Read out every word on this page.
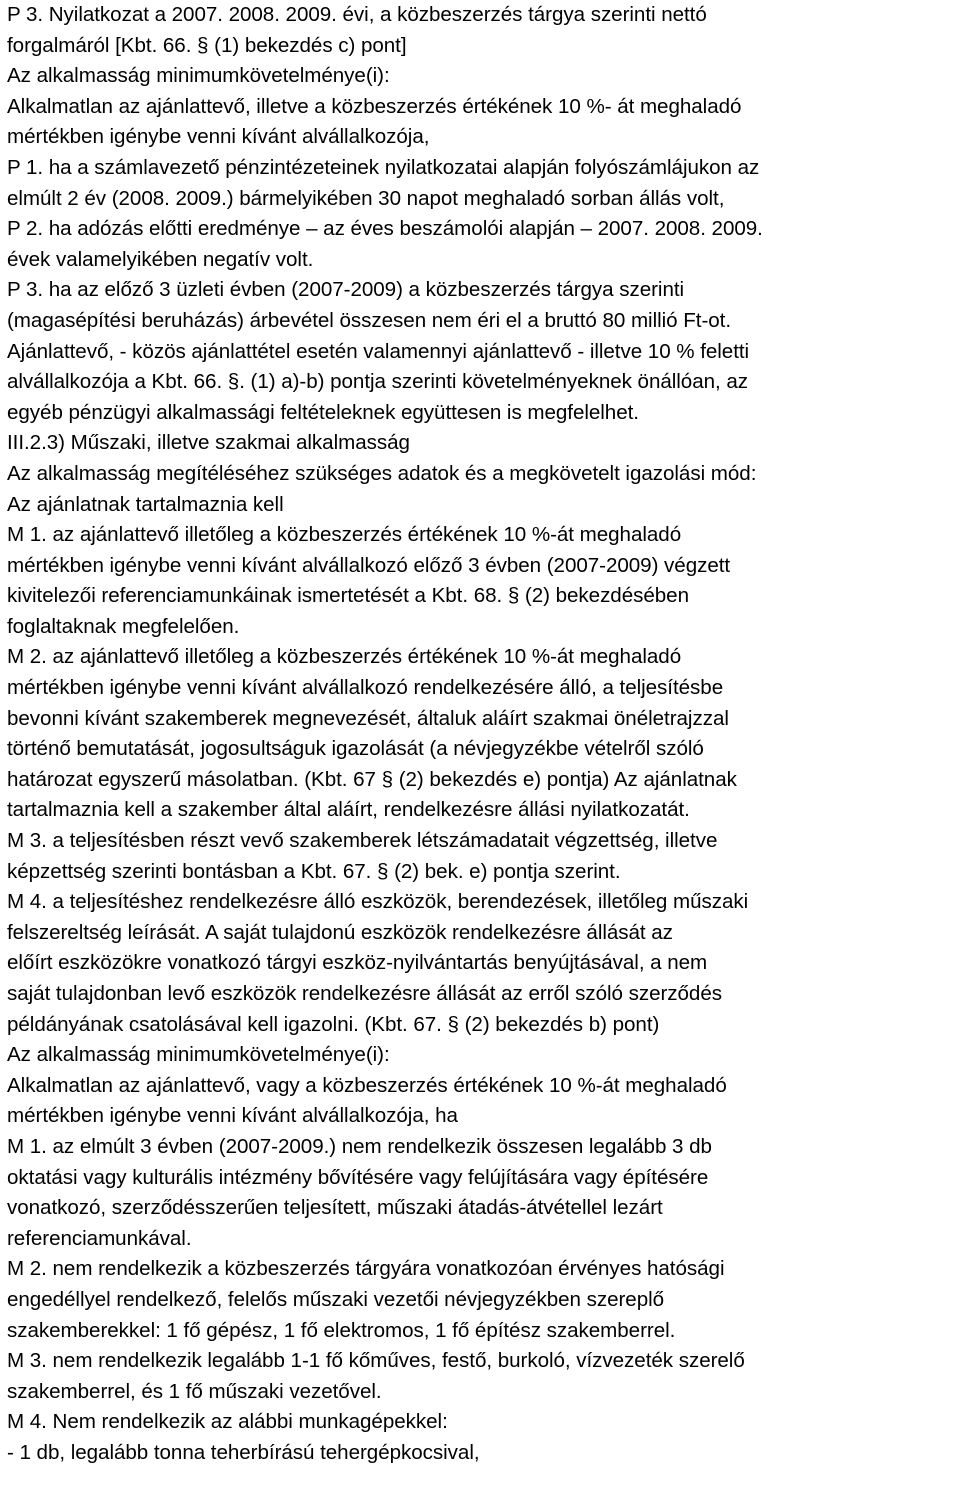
P 3. Nyilatkozat a 2007. 2008. 2009. évi, a közbeszerzés tárgya szerinti nettó
forgalmáról [Kbt. 66. § (1) bekezdés c) pont]
Az alkalmasság minimumkövetelménye(i):
Alkalmatlan az ajánlattevő, illetve a közbeszerzés értékének 10 %- át meghaladó
mértékben igénybe venni kívánt alvállalkozója,
P 1. ha a számlavezető pénzintézeteinek nyilatkozatai alapján folyószámlájukon az
elmúlt 2 év (2008. 2009.) bármelyikében 30 napot meghaladó sorban állás volt,
P 2. ha adózás előtti eredménye – az éves beszámolói alapján – 2007. 2008. 2009.
évek valamelyikében negatív volt.
P 3. ha az előző 3 üzleti évben (2007-2009) a közbeszerzés tárgya szerinti
(magasépítési beruházás) árbevétel összesen nem éri el a bruttó 80 millió Ft-ot.
Ajánlattevő, - közös ajánlattétel esetén valamennyi ajánlattevő - illetve 10 % feletti
alvállalkozója a Kbt. 66. §. (1) a)-b) pontja szerinti követelményeknek önállóan, az
egyéb pénzügyi alkalmassági feltételeknek együttesen is megfelelhet.
III.2.3) Műszaki, illetve szakmai alkalmasság
Az alkalmasság megítéléséhez szükséges adatok és a megkövetelt igazolási mód:
Az ajánlatnak tartalmaznia kell
M 1. az ajánlattevő illetőleg a közbeszerzés értékének 10 %-át meghaladó
mértékben igénybe venni kívánt alvállalkozó előző 3 évben (2007-2009) végzett
kivitelezői referenciamunkáinak ismertetését a Kbt. 68. § (2) bekezdésében
foglaltaknak megfelelően.
M 2. az ajánlattevő illetőleg a közbeszerzés értékének 10 %-át meghaladó
mértékben igénybe venni kívánt alvállalkozó rendelkezésére álló, a teljesítésbe
bevonni kívánt szakemberek megnevezését, általuk aláírt szakmai önéletrajzzal
történő bemutatását, jogosultságuk igazolását (a névjegyzékbe vételről szóló
határozat egyszerű másolatban. (Kbt. 67 § (2) bekezdés e) pontja) Az ajánlatnak
tartalmaznia kell a szakember által aláírt, rendelkezésre állási nyilatkozatát.
M 3. a teljesítésben részt vevő szakemberek létszámadatait végzettség, illetve
képzettség szerinti bontásban a Kbt. 67. § (2) bek. e) pontja szerint.
M 4. a teljesítéshez rendelkezésre álló eszközök, berendezések, illetőleg műszaki
felszereltség leírását. A saját tulajdonú eszközök rendelkezésre állását az
előírt eszközökre vonatkozó tárgyi eszköz-nyilvántartás benyújtásával, a nem
saját tulajdonban levő eszközök rendelkezésre állását az erről szóló szerződés
példányának csatolásával kell igazolni. (Kbt. 67. § (2) bekezdés b) pont)
Az alkalmasság minimumkövetelménye(i):
Alkalmatlan az ajánlattevő, vagy a közbeszerzés értékének 10 %-át meghaladó
mértékben igénybe venni kívánt alvállalkozója, ha
M 1. az elmúlt 3 évben (2007-2009.) nem rendelkezik összesen legalább 3 db
oktatási vagy kulturális intézmény bővítésére vagy felújítására vagy építésére
vonatkozó, szerződésszerűen teljesített, műszaki átadás-átvétellel lezárt
referenciamunkával.
M 2. nem rendelkezik a közbeszerzés tárgyára vonatkozóan érvényes hatósági
engedéllyel rendelkező, felelős műszaki vezetői névjegyzékben szereplő
szakemberekkel: 1 fő gépész, 1 fő elektromos, 1 fő építész szakemberrel.
M 3. nem rendelkezik legalább 1-1 fő kőműves, festő, burkoló, vízvezeték szerelő
szakemberrel, és 1 fő műszaki vezetővel.
M 4. Nem rendelkezik az alábbi munkagépekkel:
- 1 db, legalább tonna teherbírású tehergépkocsival,
